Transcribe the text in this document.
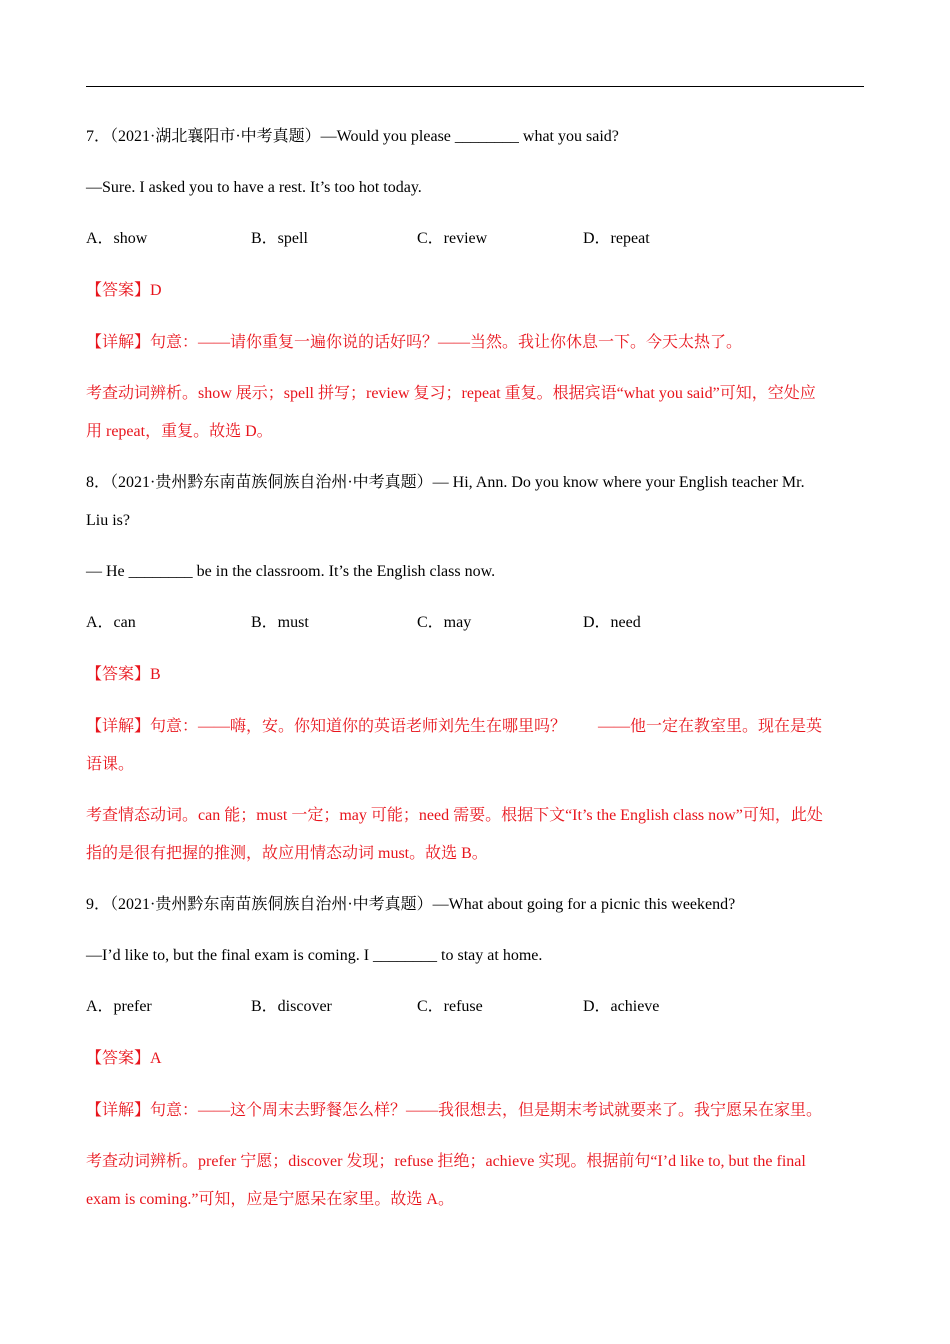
7．（2021·湖北襄阳市·中考真题）—Would you please ________ what you said?
—Sure. I asked you to have a rest. It’s too hot today.
A．show	B．spell	C．review	D．repeat
【答案】D
【详解】句意：——请你重复一遍你说的话好吗？——当然。我让你休息一下。今天太热了。
考查动词辨析。show 展示；spell 拼写；review 复习；repeat 重复。根据宾语“what you said”可知，空处应
用 repeat，重复。故选 D。
8．（2021·贵州黔东南苗族侗族自治州·中考真题）— Hi, Ann. Do you know where your English teacher Mr.
Liu is?
— He ________ be in the classroom. It’s the English class now.
A．can	B．must	C．may	D．need
【答案】B
【详解】句意：——嗨，安。你知道你的英语老师刘先生在哪里吗？　　——他一定在教室里。现在是英
语课。
考查情态动词。can 能；must 一定；may 可能；need 需要。根据下文“It’s the English class now”可知，此处
指的是很有把握的推测，故应用情态动词 must。故选 B。
9．（2021·贵州黔东南苗族侗族自治州·中考真题）—What about going for a picnic this weekend?
—I’d like to, but the final exam is coming. I ________ to stay at home.
A．prefer	B．discover	C．refuse	D．achieve
【答案】A
【详解】句意：——这个周末去野餐怎么样？——我很想去，但是期末考试就要来了。我宁愿呆在家里。
考查动词辨析。prefer 宁愿；discover 发现；refuse 拒绝；achieve 实现。根据前句“I’d like to, but the final
exam is coming.”可知，应是宁愿呆在家里。故选 A。
